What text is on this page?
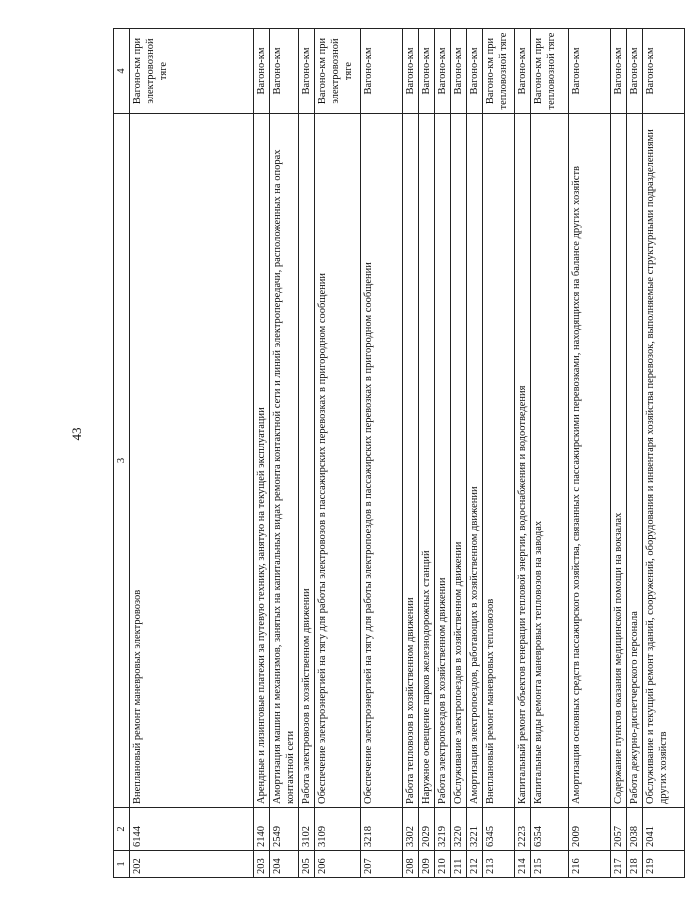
43
1	2	3	4
202	6144	Внеплановый ремонт маневровых электровозов	Вагоно-км при электровозной тяге
203	2140	Арендные и лизинговые платежи за путевую технику, занятую на текущей эксплуатации	Вагоно-км
204	2549	Амортизация машин и механизмов, занятых на капитальных видах ремонта контактной сети и линий электропередачи, расположенных на опорах контактной сети	Вагоно-км
205	3102	Работа электровозов в хозяйственном движении	Вагоно-км
206	3109	Обеспечение электроэнергией на тягу для работы электровозов в пассажирских перевозках в пригородном сообщении	Вагоно-км при электровозной тяге
207	3218	Обеспечение электроэнергией на тягу для работы электропоездов в пассажирских перевозках в пригородном сообщении	Вагоно-км
208	3302	Работа тепловозов в хозяйственном движении	Вагоно-км
209	2029	Наружное освещение парков железнодорожных станций	Вагоно-км
210	3219	Работа электропоездов в хозяйственном движении	Вагоно-км
211	3220	Обслуживание электропоездов в хозяйственном движении	Вагоно-км
212	3221	Амортизация электропоездов, работающих в хозяйственном движении	Вагоно-км
213	6345	Внеплановый ремонт маневровых тепловозов	Вагоно-км при тепловозной тяге
214	2223	Капитальный ремонт объектов генерации тепловой энергии, водоснабжения и водоотведения	Вагоно-км
215	6354	Капитальные виды ремонта маневровых тепловозов на заводах	Вагоно-км при тепловозной тяге
216	2009	Амортизация основных средств пассажирского хозяйства, связанных с пассажирскими перевозками, находящихся на балансе других хозяйств	Вагоно-км
217	2057	Содержание пунктов оказания медицинской помощи на вокзалах	Вагоно-км
218	2038	Работа дежурно-диспетчерского персонала	Вагоно-км
219	2041	Обслуживание и текущий ремонт зданий, сооружений, оборудования и инвентаря хозяйства перевозок, выполняемые структурными подразделениями других хозяйств	Вагоно-км
